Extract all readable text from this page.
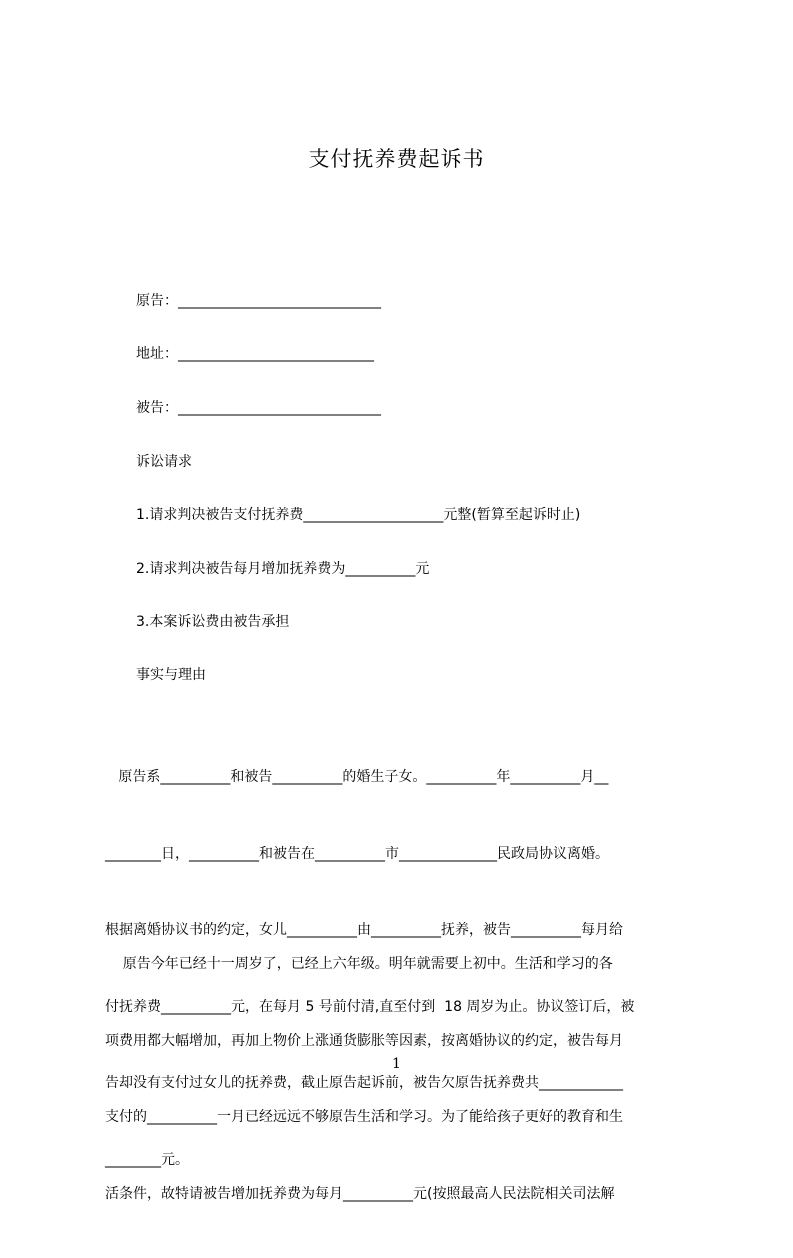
支付抚养费起诉书
原告：_____________________________
地址：____________________________
被告：_____________________________
诉讼请求
1.请求判决被告支付抚养费____________________元整(暂算至起诉时止)
2.请求判决被告每月增加抚养费为__________元
3.本案诉讼费由被告承担
事实与理由

原告系__________和被告__________的婚生子女。__________年__________月__

________日，__________和被告在__________市______________民政局协议离婚。

根据离婚协议书的约定，女儿__________由__________抚养，被告__________每月给

付抚养费__________元，在每月 5 号前付清,直至付到  18 周岁为止。协议签订后，被

告却没有支付过女儿的抚养费，截止原告起诉前，被告欠原告抚养费共____________

________元。

原告今年已经十一周岁了，已经上六年级。明年就需要上初中。生活和学习的各

项费用都大幅增加，再加上物价上涨通货膨胀等因素，按离婚协议的约定，被告每月

支付的__________一月已经远远不够原告生活和学习。为了能给孩子更好的教育和生

活条件，故特请被告增加抚养费为每月__________元(按照最高人民法院相关司法解

1
